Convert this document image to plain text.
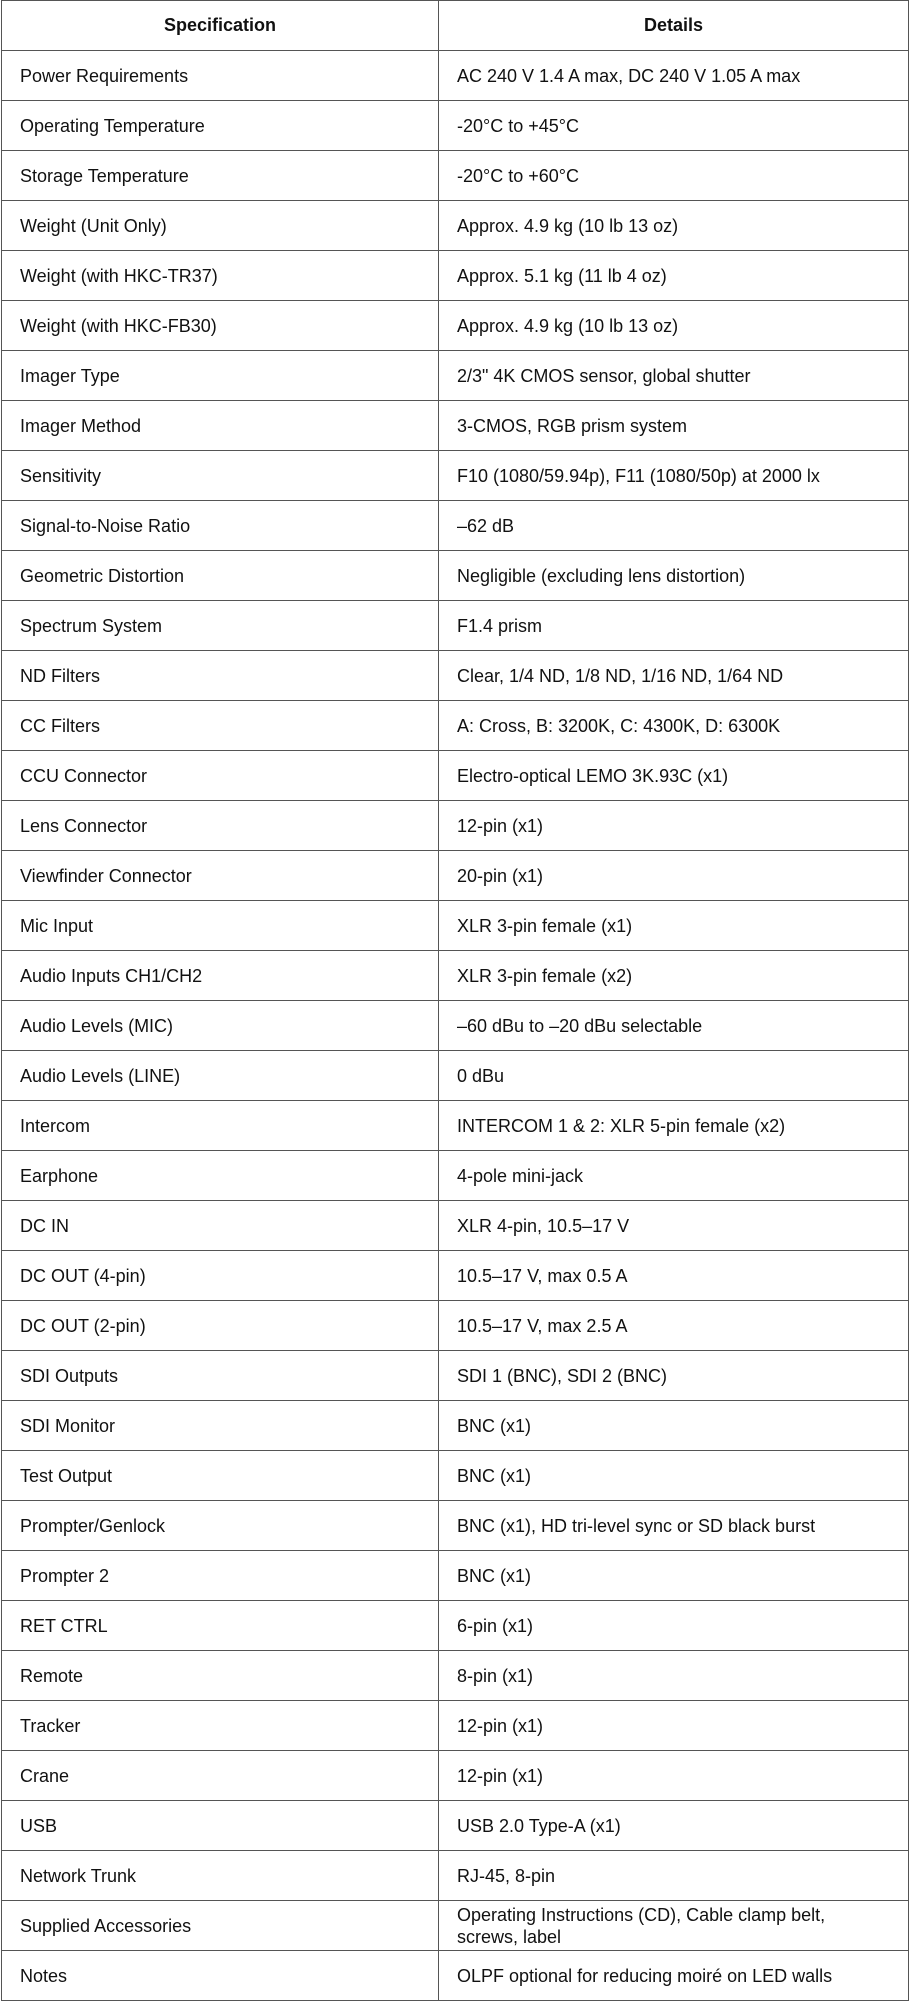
Specification	Details
Power Requirements	AC 240 V 1.4 A max, DC 240 V 1.05 A max
Operating Temperature	-20°C to +45°C
Storage Temperature	-20°C to +60°C
Weight (Unit Only)	Approx. 4.9 kg (10 lb 13 oz)
Weight (with HKC-TR37)	Approx. 5.1 kg (11 lb 4 oz)
Weight (with HKC-FB30)	Approx. 4.9 kg (10 lb 13 oz)
Imager Type	2/3" 4K CMOS sensor, global shutter
Imager Method	3-CMOS, RGB prism system
Sensitivity	F10 (1080/59.94p), F11 (1080/50p) at 2000 lx
Signal-to-Noise Ratio	–62 dB
Geometric Distortion	Negligible (excluding lens distortion)
Spectrum System	F1.4 prism
ND Filters	Clear, 1/4 ND, 1/8 ND, 1/16 ND, 1/64 ND
CC Filters	A: Cross, B: 3200K, C: 4300K, D: 6300K
CCU Connector	Electro-optical LEMO 3K.93C (x1)
Lens Connector	12-pin (x1)
Viewfinder Connector	20-pin (x1)
Mic Input	XLR 3-pin female (x1)
Audio Inputs CH1/CH2	XLR 3-pin female (x2)
Audio Levels (MIC)	–60 dBu to –20 dBu selectable
Audio Levels (LINE)	0 dBu
Intercom	INTERCOM 1 & 2: XLR 5-pin female (x2)
Earphone	4-pole mini-jack
DC IN	XLR 4-pin, 10.5–17 V
DC OUT (4-pin)	10.5–17 V, max 0.5 A
DC OUT (2-pin)	10.5–17 V, max 2.5 A
SDI Outputs	SDI 1 (BNC), SDI 2 (BNC)
SDI Monitor	BNC (x1)
Test Output	BNC (x1)
Prompter/Genlock	BNC (x1), HD tri-level sync or SD black burst
Prompter 2	BNC (x1)
RET CTRL	6-pin (x1)
Remote	8-pin (x1)
Tracker	12-pin (x1)
Crane	12-pin (x1)
USB	USB 2.0 Type-A (x1)
Network Trunk	RJ-45, 8-pin
Supplied Accessories	Operating Instructions (CD), Cable clamp belt, screws, label
Notes	OLPF optional for reducing moiré on LED walls
